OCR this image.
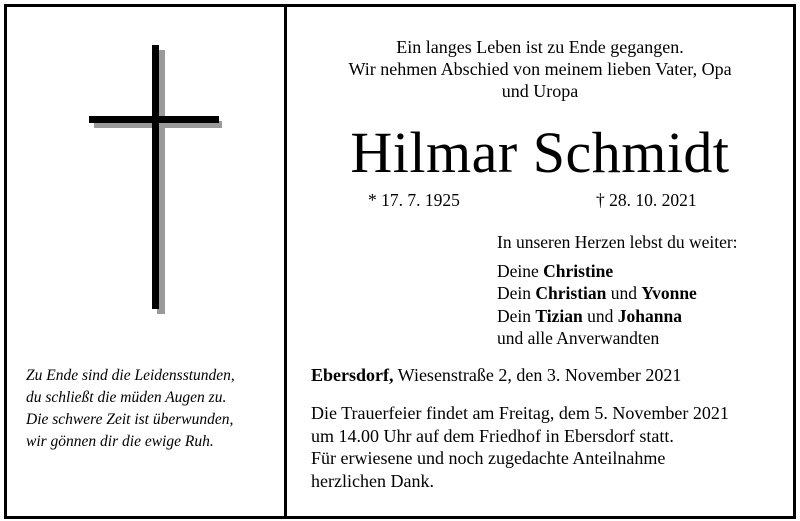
Zu Ende sind die Leidensstunden,
du schließt die müden Augen zu.
Die schwere Zeit ist überwunden,
wir gönnen dir die ewige Ruh.
Ein langes Leben ist zu Ende gegangen.
Wir nehmen Abschied von meinem lieben Vater, Opa
und Uropa
Hilmar Schmidt
* 17. 7. 1925	† 28. 10. 2021
In unseren Herzen lebst du weiter:
Deine Christine
Dein Christian und Yvonne
Dein Tizian und Johanna
und alle Anverwandten
Ebersdorf, Wiesenstraße 2, den 3. November 2021
Die Trauerfeier findet am Freitag, dem 5. November 2021
um 14.00 Uhr auf dem Friedhof in Ebersdorf statt.
Für erwiesene und noch zugedachte Anteilnahme
herzlichen Dank.
